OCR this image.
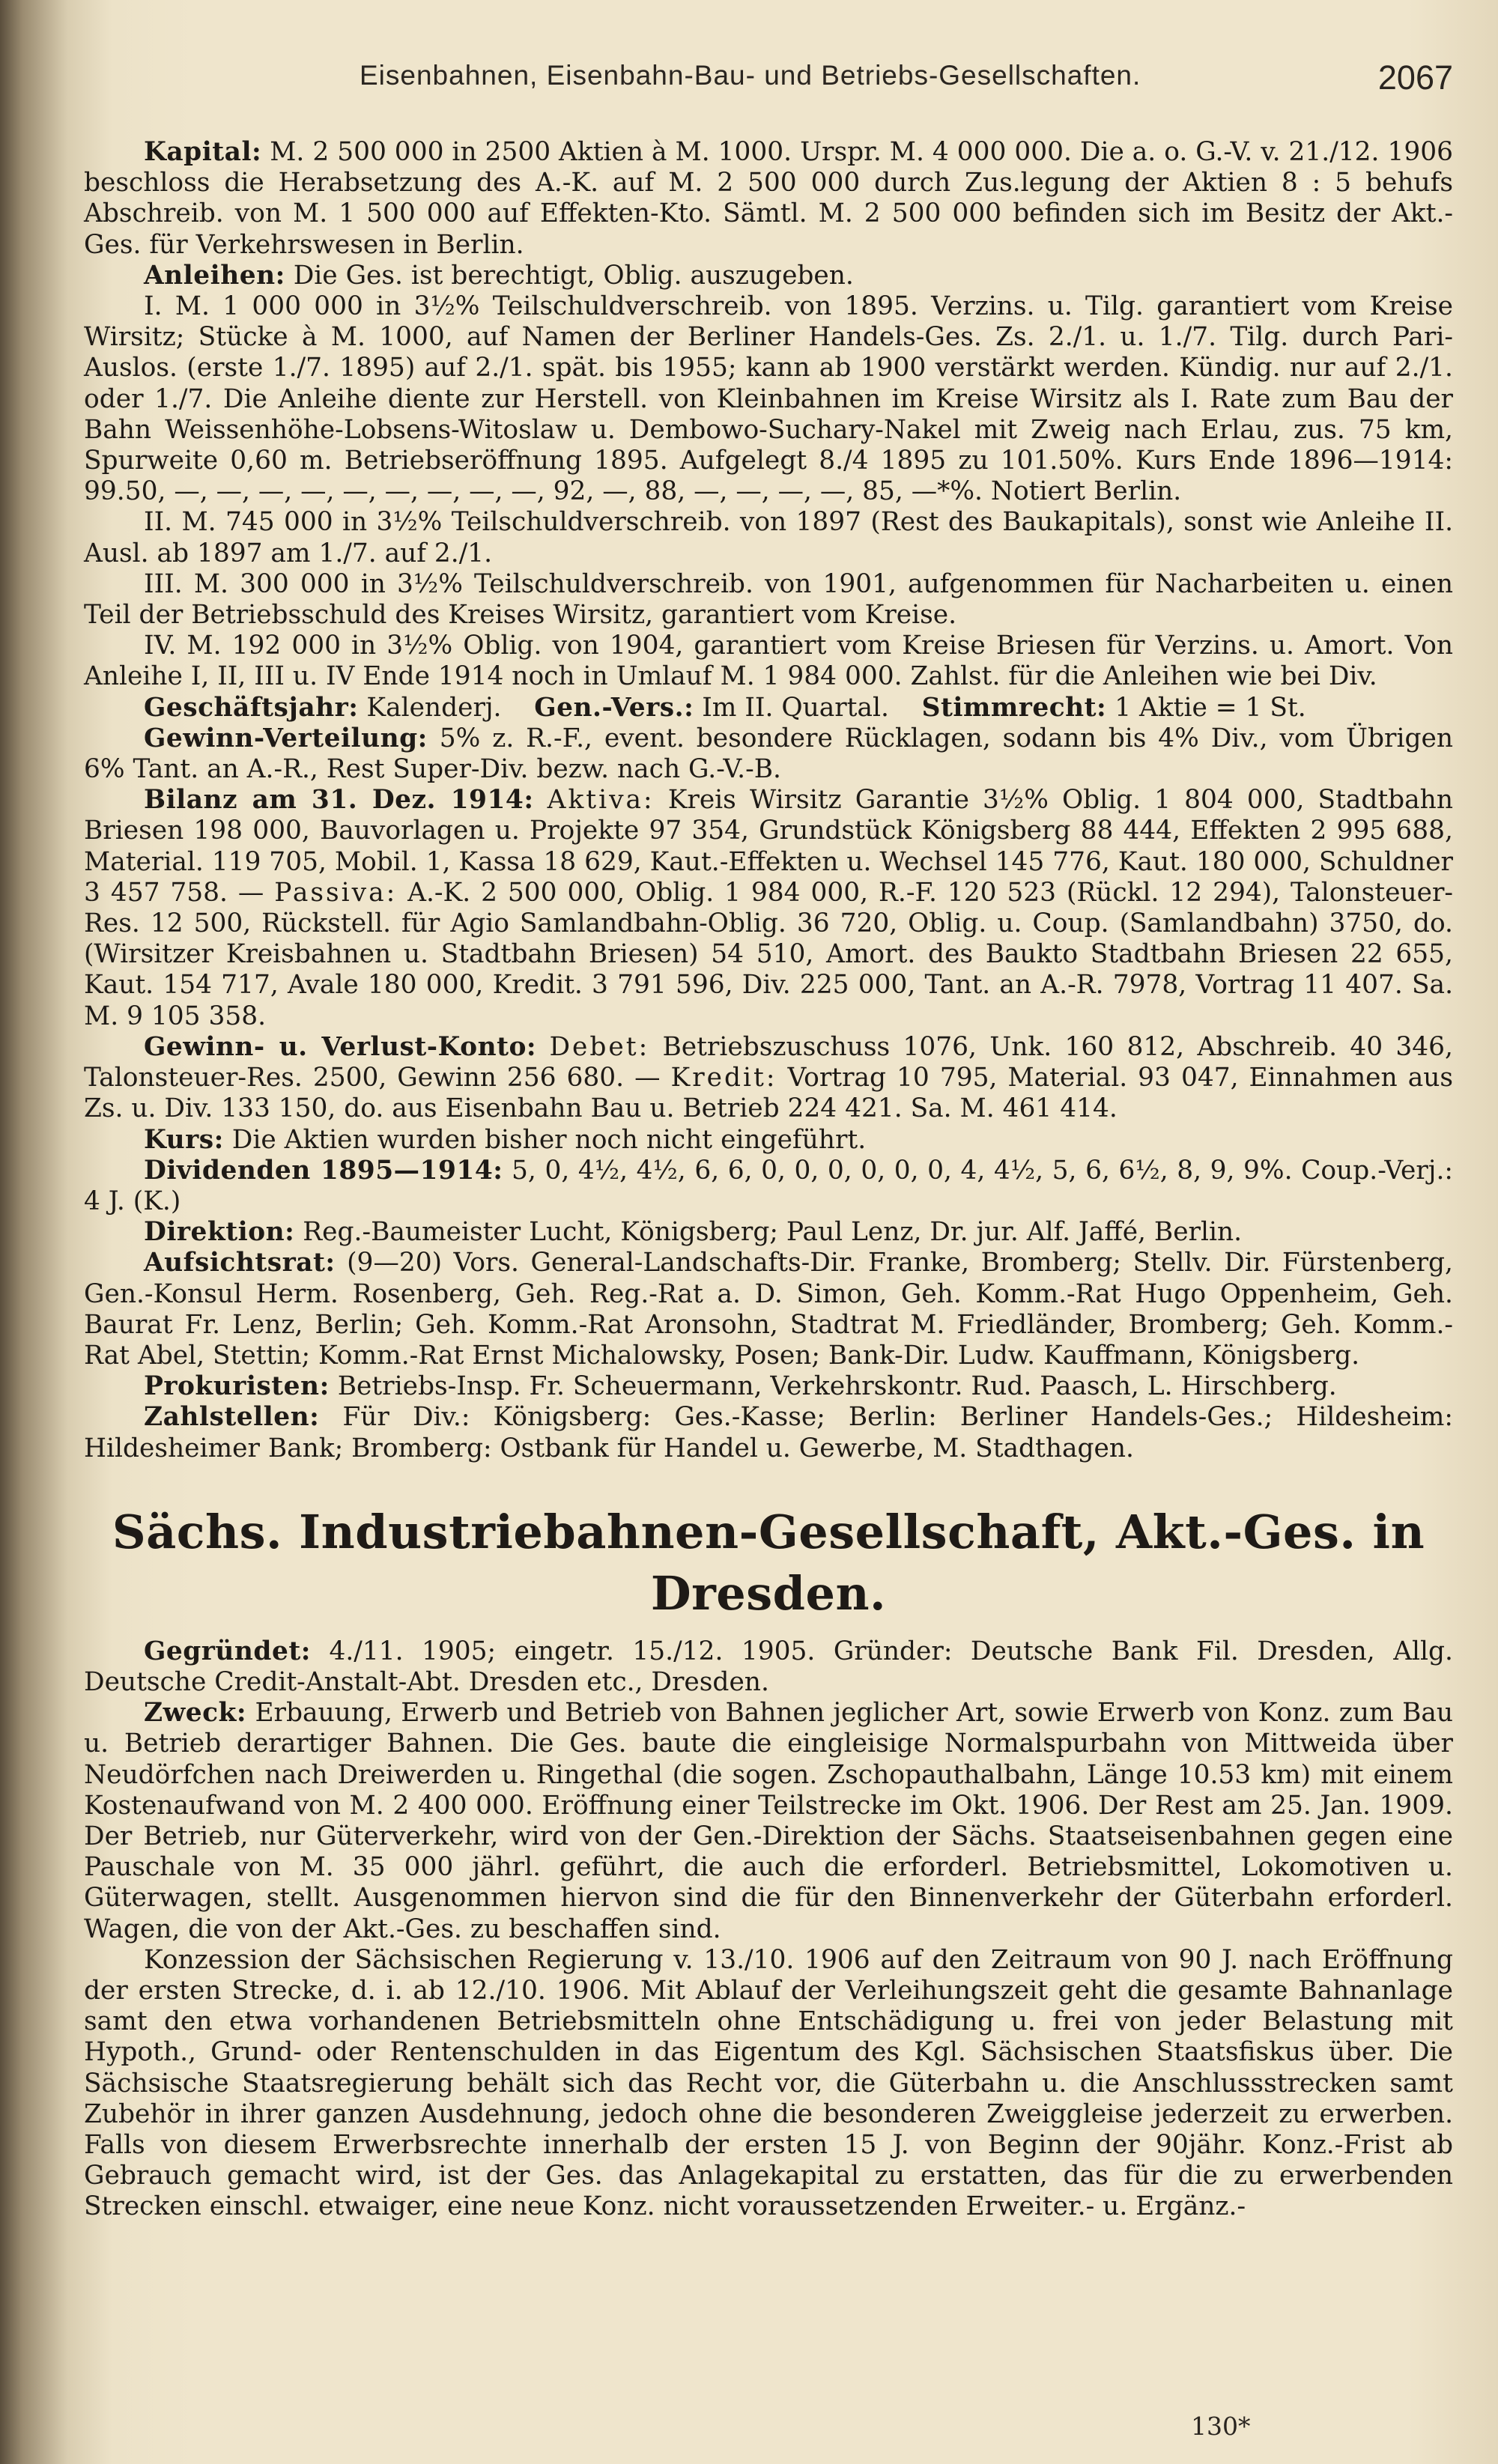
Eisenbahnen, Eisenbahn-Bau- und Betriebs-Gesellschaften.	2067

Kapital: M. 2 500 000 in 2500 Aktien à M. 1000. Urspr. M. 4 000 000. Die a. o. G.-V. v. 21./12. 1906 beschloss die Herabsetzung des A.-K. auf M. 2 500 000 durch Zus.legung der Aktien 8 : 5 behufs Abschreib. von M. 1 500 000 auf Effekten-Kto. Sämtl. M. 2 500 000 befinden sich im Besitz der Akt.-Ges. für Verkehrswesen in Berlin.

Anleihen: Die Ges. ist berechtigt, Oblig. auszugeben.

I. M. 1 000 000 in 3½% Teilschuldverschreib. von 1895. Verzins. u. Tilg. garantiert vom Kreise Wirsitz; Stücke à M. 1000, auf Namen der Berliner Handels-Ges. Zs. 2./1. u. 1./7. Tilg. durch Pari-Auslos. (erste 1./7. 1895) auf 2./1. spät. bis 1955; kann ab 1900 verstärkt werden. Kündig. nur auf 2./1. oder 1./7. Die Anleihe diente zur Herstell. von Kleinbahnen im Kreise Wirsitz als I. Rate zum Bau der Bahn Weissenhöhe-Lobsens-Witoslaw u. Dembowo-Suchary-Nakel mit Zweig nach Erlau, zus. 75 km, Spurweite 0,60 m. Betriebseröffnung 1895. Aufgelegt 8./4 1895 zu 101.50%. Kurs Ende 1896—1914: 99.50, —, —, —, —, —, —, —, —, —, 92, —, 88, —, —, —, —, 85, —*%. Notiert Berlin.

II. M. 745 000 in 3½% Teilschuldverschreib. von 1897 (Rest des Baukapitals), sonst wie Anleihe II. Ausl. ab 1897 am 1./7. auf 2./1.

III. M. 300 000 in 3½% Teilschuldverschreib. von 1901, aufgenommen für Nacharbeiten u. einen Teil der Betriebsschuld des Kreises Wirsitz, garantiert vom Kreise.

IV. M. 192 000 in 3½% Oblig. von 1904, garantiert vom Kreise Briesen für Verzins. u. Amort. Von Anleihe I, II, III u. IV Ende 1914 noch in Umlauf M. 1 984 000. Zahlst. für die Anleihen wie bei Div.

Geschäftsjahr: Kalenderj. Gen.-Vers.: Im II. Quartal. Stimmrecht: 1 Aktie = 1 St.

Gewinn-Verteilung: 5% z. R.-F., event. besondere Rücklagen, sodann bis 4% Div., vom Übrigen 6% Tant. an A.-R., Rest Super-Div. bezw. nach G.-V.-B.

Bilanz am 31. Dez. 1914: Aktiva: Kreis Wirsitz Garantie 3½% Oblig. 1 804 000, Stadtbahn Briesen 198 000, Bauvorlagen u. Projekte 97 354, Grundstück Königsberg 88 444, Effekten 2 995 688, Material. 119 705, Mobil. 1, Kassa 18 629, Kaut.-Effekten u. Wechsel 145 776, Kaut. 180 000, Schuldner 3 457 758. — Passiva: A.-K. 2 500 000, Oblig. 1 984 000, R.-F. 120 523 (Rückl. 12 294), Talonsteuer-Res. 12 500, Rückstell. für Agio Samlandbahn-Oblig. 36 720, Oblig. u. Coup. (Samlandbahn) 3750, do. (Wirsitzer Kreisbahnen u. Stadtbahn Briesen) 54 510, Amort. des Baukto Stadtbahn Briesen 22 655, Kaut. 154 717, Avale 180 000, Kredit. 3 791 596, Div. 225 000, Tant. an A.-R. 7978, Vortrag 11 407. Sa. M. 9 105 358.

Gewinn- u. Verlust-Konto: Debet: Betriebszuschuss 1076, Unk. 160 812, Abschreib. 40 346, Talonsteuer-Res. 2500, Gewinn 256 680. — Kredit: Vortrag 10 795, Material. 93 047, Einnahmen aus Zs. u. Div. 133 150, do. aus Eisenbahn Bau u. Betrieb 224 421. Sa. M. 461 414.

Kurs: Die Aktien wurden bisher noch nicht eingeführt.

Dividenden 1895—1914: 5, 0, 4½, 4½, 6, 6, 0, 0, 0, 0, 0, 0, 4, 4½, 5, 6, 6½, 8, 9, 9%. Coup.-Verj.: 4 J. (K.)

Direktion: Reg.-Baumeister Lucht, Königsberg; Paul Lenz, Dr. jur. Alf. Jaffé, Berlin.

Aufsichtsrat: (9—20) Vors. General-Landschafts-Dir. Franke, Bromberg; Stellv. Dir. Fürstenberg, Gen.-Konsul Herm. Rosenberg, Geh. Reg.-Rat a. D. Simon, Geh. Komm.-Rat Hugo Oppenheim, Geh. Baurat Fr. Lenz, Berlin; Geh. Komm.-Rat Aronsohn, Stadtrat M. Friedländer, Bromberg; Geh. Komm.-Rat Abel, Stettin; Komm.-Rat Ernst Michalowsky, Posen; Bank-Dir. Ludw. Kauffmann, Königsberg.

Prokuristen: Betriebs-Insp. Fr. Scheuermann, Verkehrskontr. Rud. Paasch, L. Hirschberg.

Zahlstellen: Für Div.: Königsberg: Ges.-Kasse; Berlin: Berliner Handels-Ges.; Hildesheim: Hildesheimer Bank; Bromberg: Ostbank für Handel u. Gewerbe, M. Stadthagen.

Sächs. Industriebahnen-Gesellschaft, Akt.-Ges. in Dresden.

Gegründet: 4./11. 1905; eingetr. 15./12. 1905. Gründer: Deutsche Bank Fil. Dresden, Allg. Deutsche Credit-Anstalt-Abt. Dresden etc., Dresden.

Zweck: Erbauung, Erwerb und Betrieb von Bahnen jeglicher Art, sowie Erwerb von Konz. zum Bau u. Betrieb derartiger Bahnen. Die Ges. baute die eingleisige Normalspurbahn von Mittweida über Neudörfchen nach Dreiwerden u. Ringethal (die sogen. Zschopauthalbahn, Länge 10.53 km) mit einem Kostenaufwand von M. 2 400 000. Eröffnung einer Teilstrecke im Okt. 1906. Der Rest am 25. Jan. 1909. Der Betrieb, nur Güterverkehr, wird von der Gen.-Direktion der Sächs. Staatseisenbahnen gegen eine Pauschale von M. 35 000 jährl. geführt, die auch die erforderl. Betriebsmittel, Lokomotiven u. Güterwagen, stellt. Ausgenommen hiervon sind die für den Binnenverkehr der Güterbahn erforderl. Wagen, die von der Akt.-Ges. zu beschaffen sind.

Konzession der Sächsischen Regierung v. 13./10. 1906 auf den Zeitraum von 90 J. nach Eröffnung der ersten Strecke, d. i. ab 12./10. 1906. Mit Ablauf der Verleihungszeit geht die gesamte Bahnanlage samt den etwa vorhandenen Betriebsmitteln ohne Entschädigung u. frei von jeder Belastung mit Hypoth., Grund- oder Rentenschulden in das Eigentum des Kgl. Sächsischen Staatsfiskus über. Die Sächsische Staatsregierung behält sich das Recht vor, die Güterbahn u. die Anschlussstrecken samt Zubehör in ihrer ganzen Ausdehnung, jedoch ohne die besonderen Zweiggleise jederzeit zu erwerben. Falls von diesem Erwerbsrechte innerhalb der ersten 15 J. von Beginn der 90jähr. Konz.-Frist ab Gebrauch gemacht wird, ist der Ges. das Anlagekapital zu erstatten, das für die zu erwerbenden Strecken einschl. etwaiger, eine neue Konz. nicht voraussetzenden Erweiter.- u. Ergänz.-

130*
